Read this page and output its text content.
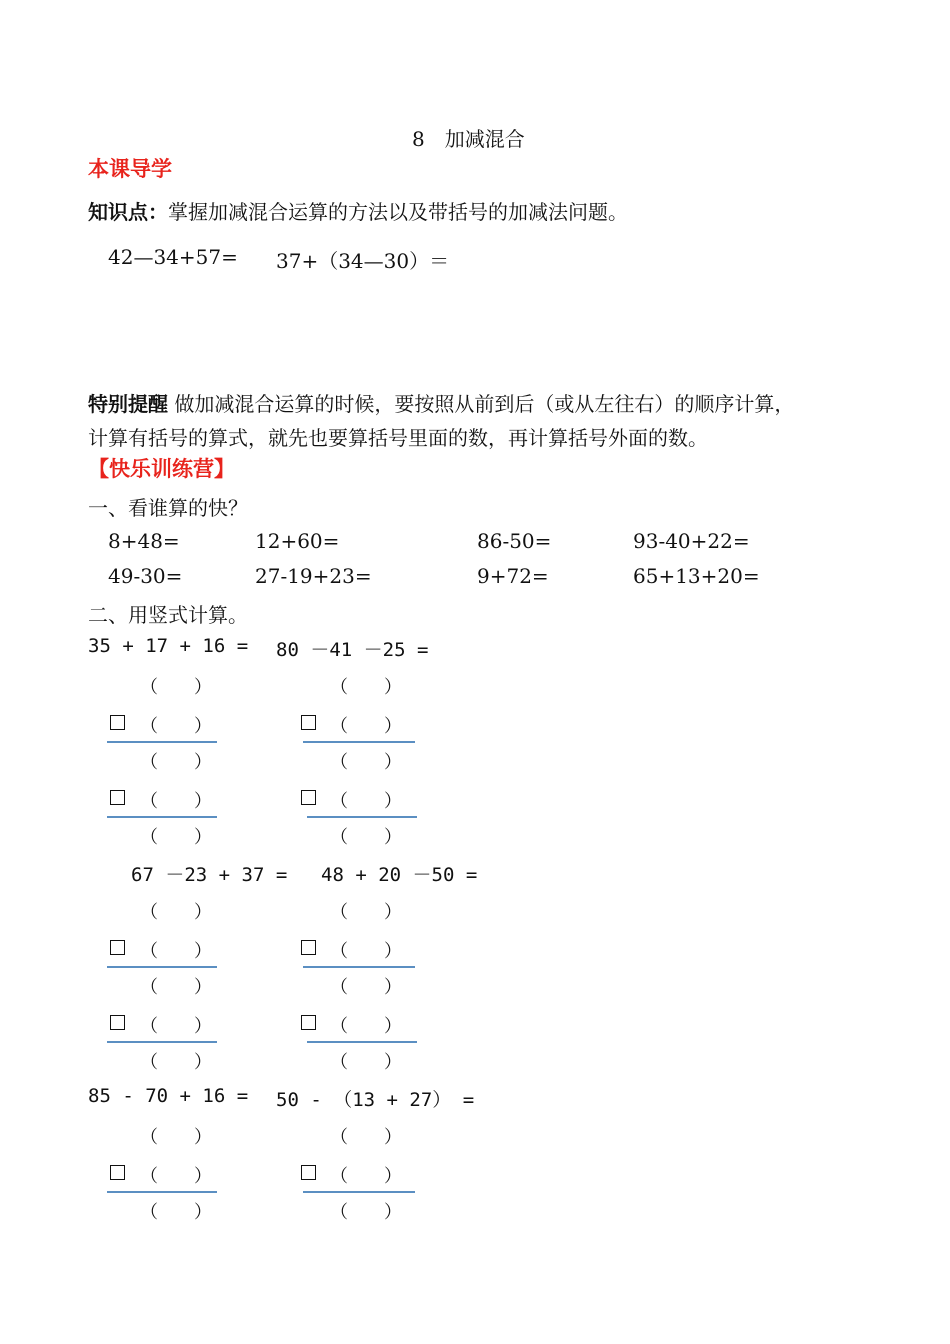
8　加减混合
本课导学
知识点：掌握加减混合运算的方法以及带括号的加减法问题。
42—34+57= 37+（34—30）＝
特别提醒 做加减混合运算的时候，要按照从前到后（或从左往右）的顺序计算，
计算有括号的算式，就先也要算括号里面的数，再计算括号外面的数。
【快乐训练营】
一、看谁算的快？
8+48=	12+60=	86-50=	93-40+22=
49-30=	27-19+23=	9+72=	65+13+20=
二、用竖式计算。
35 + 17 + 16 = 80 －41 －25 =
（　　）	（　　）
（　　）	（　　）
（　　）	（　　）
（　　）	（　　）
（　　）	（　　）
67 －23 + 37 = 48 + 20 －50 =
（　　）	（　　）
（　　）	（　　）
（　　）	（　　）
（　　）	（　　）
（　　）	（　　）
85 - 70 + 16 = 50 - （13 + 27） =
（　　）	（　　）
（　　）	（　　）
（　　）	（　　）
